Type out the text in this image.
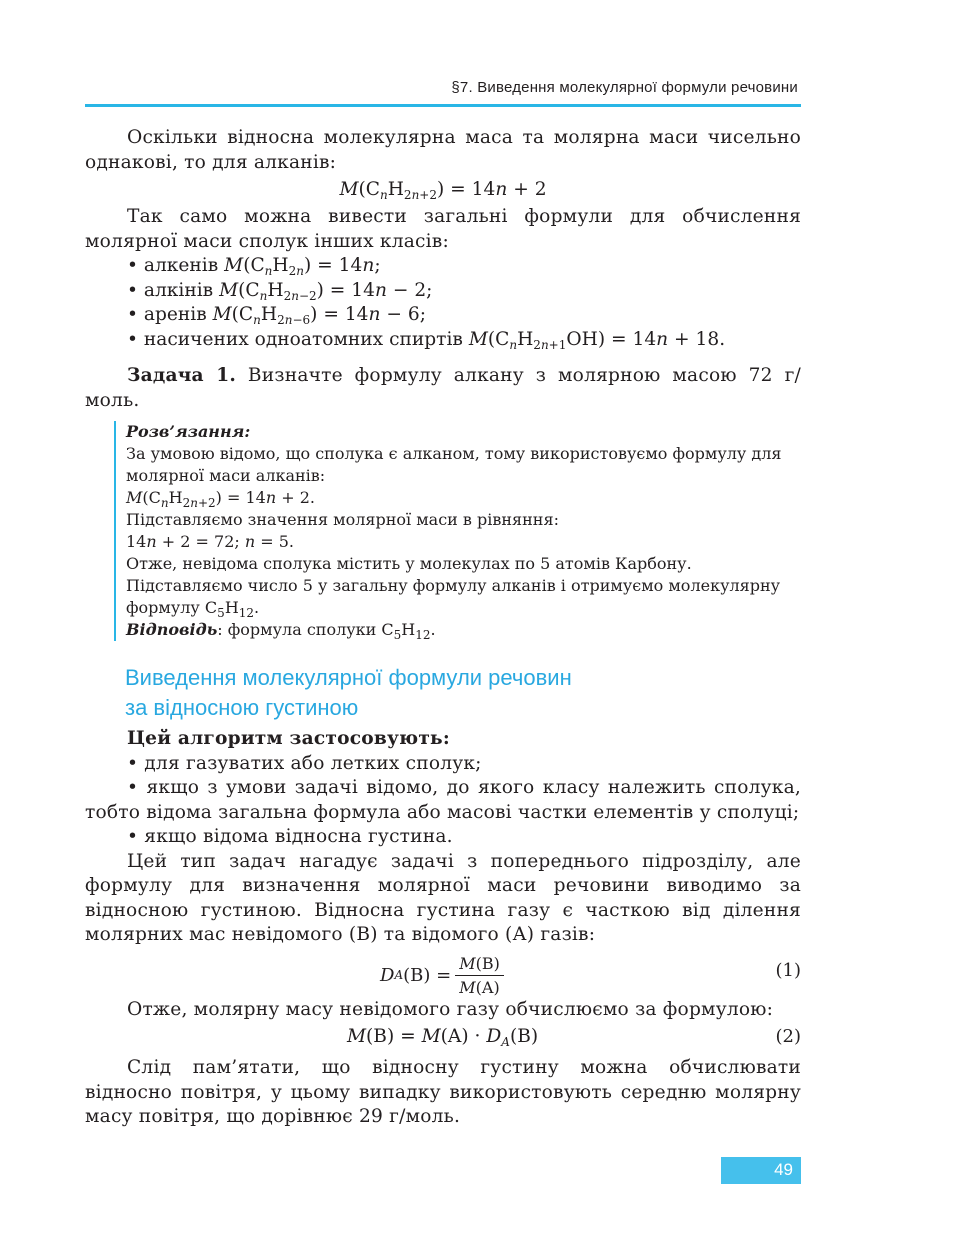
§7. Виведення молекулярної формули речовини

Оскільки відносна молекулярна маса та молярна маси чисельно однакові, то для алканів:

$M(C_nH_{2n+2}) = 14n + 2$

Так само можна вивести загальні формули для обчислення молярної маси сполук інших класів:

• алкенів $M(C_nH_{2n}) = 14n$;
• алкінів $M(C_nH_{2n-2}) = 14n - 2$;
• аренів $M(C_nH_{2n-6}) = 14n - 6$;
• насичених одноатомних спиртів $M(C_nH_{2n+1}OH) = 14n + 18$.

Задача 1. Визначте формулу алкану з молярною масою 72 г/моль.

Розв’язання:
За умовою відомо, що сполука є алканом, тому використовуємо формулу для молярної маси алканів:
$M(C_nH_{2n+2}) = 14n + 2$.
Підставляємо значення молярної маси в рівняння:
14n + 2 = 72; n = 5.
Отже, невідома сполука містить у молекулах по 5 атомів Карбону. Підставляємо число 5 у загальну формулу алканів і отримуємо молекулярну формулу $C_5H_{12}$.
Відповідь: формула сполуки $C_5H_{12}$.
Виведення молекулярної формули речовин
за відносною густиною

Цей алгоритм застосовують:

• для газуватих або летких сполук;

• якщо з умови задачі відомо, до якого класу належить сполука, тобто відома загальна формула або масові частки елементів у сполуці;

• якщо відома відносна густина.

Цей тип задач нагадує задачі з попереднього підрозділу, але формулу для визначення молярної маси речовини виводимо за відносною густиною. Відносна густина газу є часткою від ділення молярних мас невідомого (В) та відомого (А) газів:

D A $(B) = \frac{M(B)}{M(A)}$	(1)

Отже, молярну масу невідомого газу обчислюємо за формулою:

$M(B) = M(A) \cdot D_A(B)$	(2)

Слід пам’ятати, що відносну густину можна обчислювати відносно повітря, у цьому випадку використовують середню молярну масу повітря, що дорівнює 29 г/моль.

49
